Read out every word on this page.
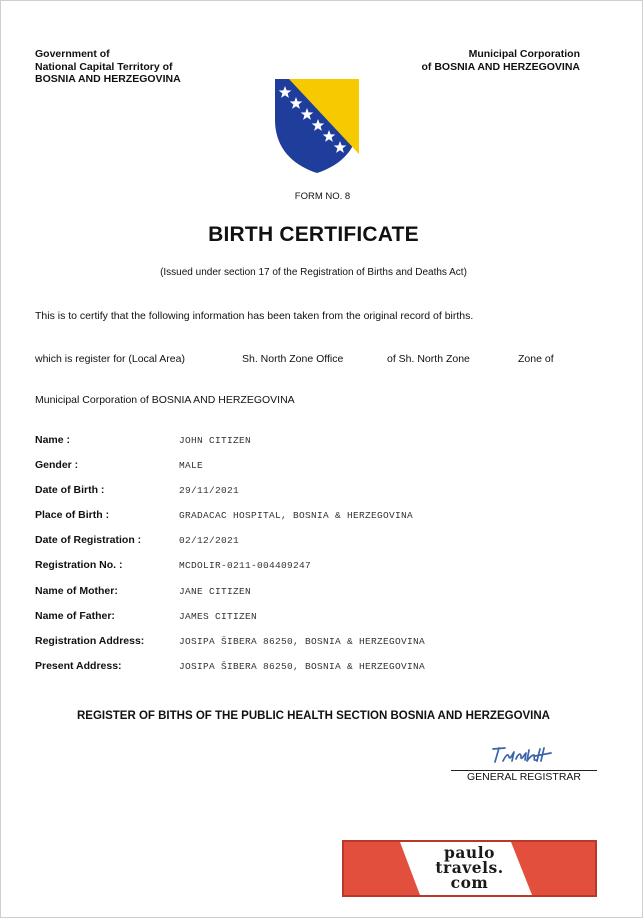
Government of
National Capital Territory of
BOSNIA AND HERZEGOVINA
Municipal Corporation
of BOSNIA AND HERZEGOVINA
FORM NO. 8
BIRTH CERTIFICATE
(Issued under section 17 of the Registration of Births and Deaths Act)
This is to certify that the following information has been taken from the original record of births.
which is register for (Local Area)	Sh. North Zone Office	of Sh. North Zone	Zone of
Municipal Corporation of BOSNIA AND HERZEGOVINA
Name :	JOHN CITIZEN
Gender :	MALE
Date of Birth :	29/11/2021
Place of Birth :	GRADACAC HOSPITAL, BOSNIA & HERZEGOVINA
Date of Registration :	02/12/2021
Registration No. :	MCDOLIR-0211-004409247
Name of Mother:	JANE CITIZEN
Name of Father:	JAMES CITIZEN
Registration Address:	JOSIPA ŠIBERA 86250, BOSNIA & HERZEGOVINA
Present Address:	JOSIPA ŠIBERA 86250, BOSNIA & HERZEGOVINA
REGISTER OF BITHS OF THE PUBLIC HEALTH SECTION BOSNIA AND HERZEGOVINA
GENERAL REGISTRAR
paulo
travels.
com
